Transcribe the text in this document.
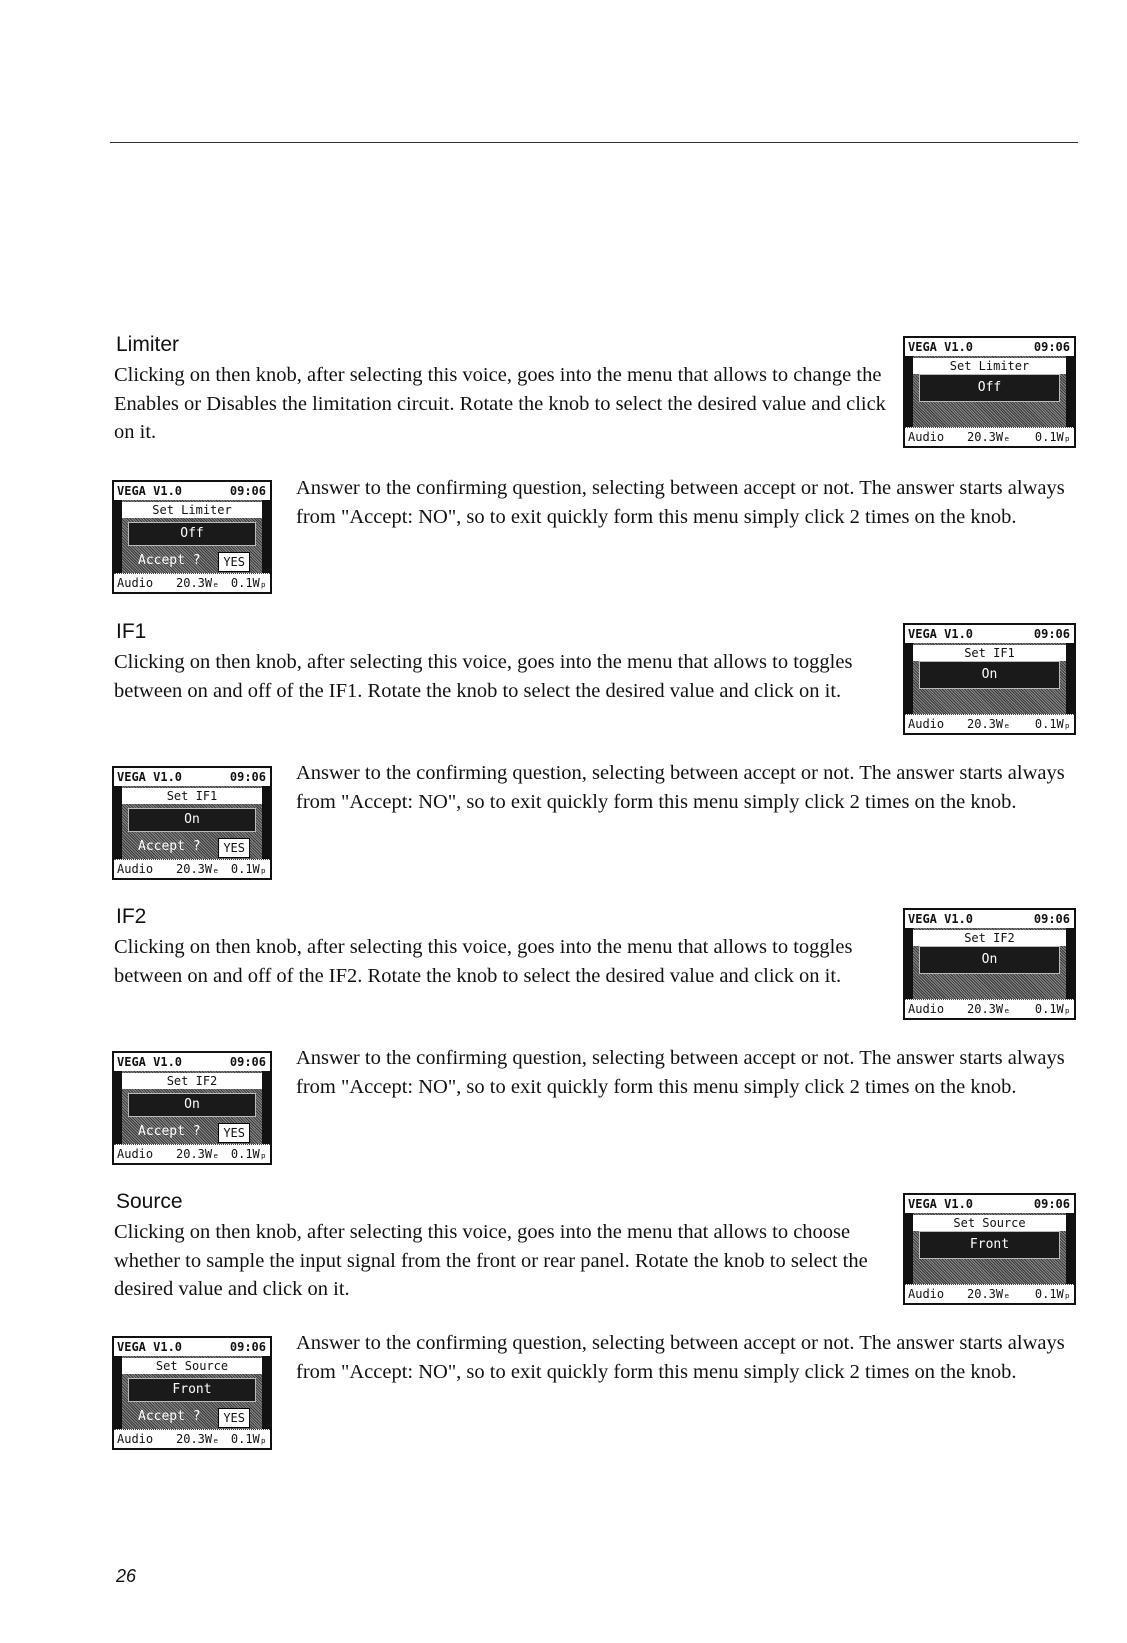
Limiter

Clicking on then knob, after selecting this voice, goes into the menu that allows to change the Enables or Disables the limitation circuit. Rotate the knob to select the desired value and click on it.

VEGA V1.0	09:06
Set Limiter
Off
Audio 20.3Wₑ 0.1Wₚ
VEGA V1.0	09:06
Set Limiter
Off
Accept ?	YES
Audio 20.3Wₑ 0.1Wₚ

Answer to the confirming question, selecting between accept or not. The answer starts always from "Accept: NO", so to exit quickly form this menu simply click 2 times on the knob.

IF1

Clicking on then knob, after selecting this voice, goes into the menu that allows to toggles between on and off of the IF1. Rotate the knob to select the desired value and click on it.

VEGA V1.0	09:06
Set IF1
On
Audio 20.3Wₑ 0.1Wₚ
VEGA V1.0	09:06
Set IF1
On
Accept ?	YES
Audio 20.3Wₑ 0.1Wₚ

Answer to the confirming question, selecting between accept or not. The answer starts always from "Accept: NO", so to exit quickly form this menu simply click 2 times on the knob.

IF2

Clicking on then knob, after selecting this voice, goes into the menu that allows to toggles between on and off of the IF2. Rotate the knob to select the desired value and click on it.

VEGA V1.0	09:06
Set IF2
On
Audio 20.3Wₑ 0.1Wₚ
VEGA V1.0	09:06
Set IF2
On
Accept ?	YES
Audio 20.3Wₑ 0.1Wₚ

Answer to the confirming question, selecting between accept or not. The answer starts always from "Accept: NO", so to exit quickly form this menu simply click 2 times on the knob.

Source

Clicking on then knob, after selecting this voice, goes into the menu that allows to choose whether to sample the input signal from the front or rear panel. Rotate the knob to select the desired value and click on it.

VEGA V1.0	09:06
Set Source
Front
Audio 20.3Wₑ 0.1Wₚ
VEGA V1.0	09:06
Set Source
Front
Accept ?	YES
Audio 20.3Wₑ 0.1Wₚ

Answer to the confirming question, selecting between accept or not. The answer starts always from "Accept: NO", so to exit quickly form this menu simply click 2 times on the knob.

26
